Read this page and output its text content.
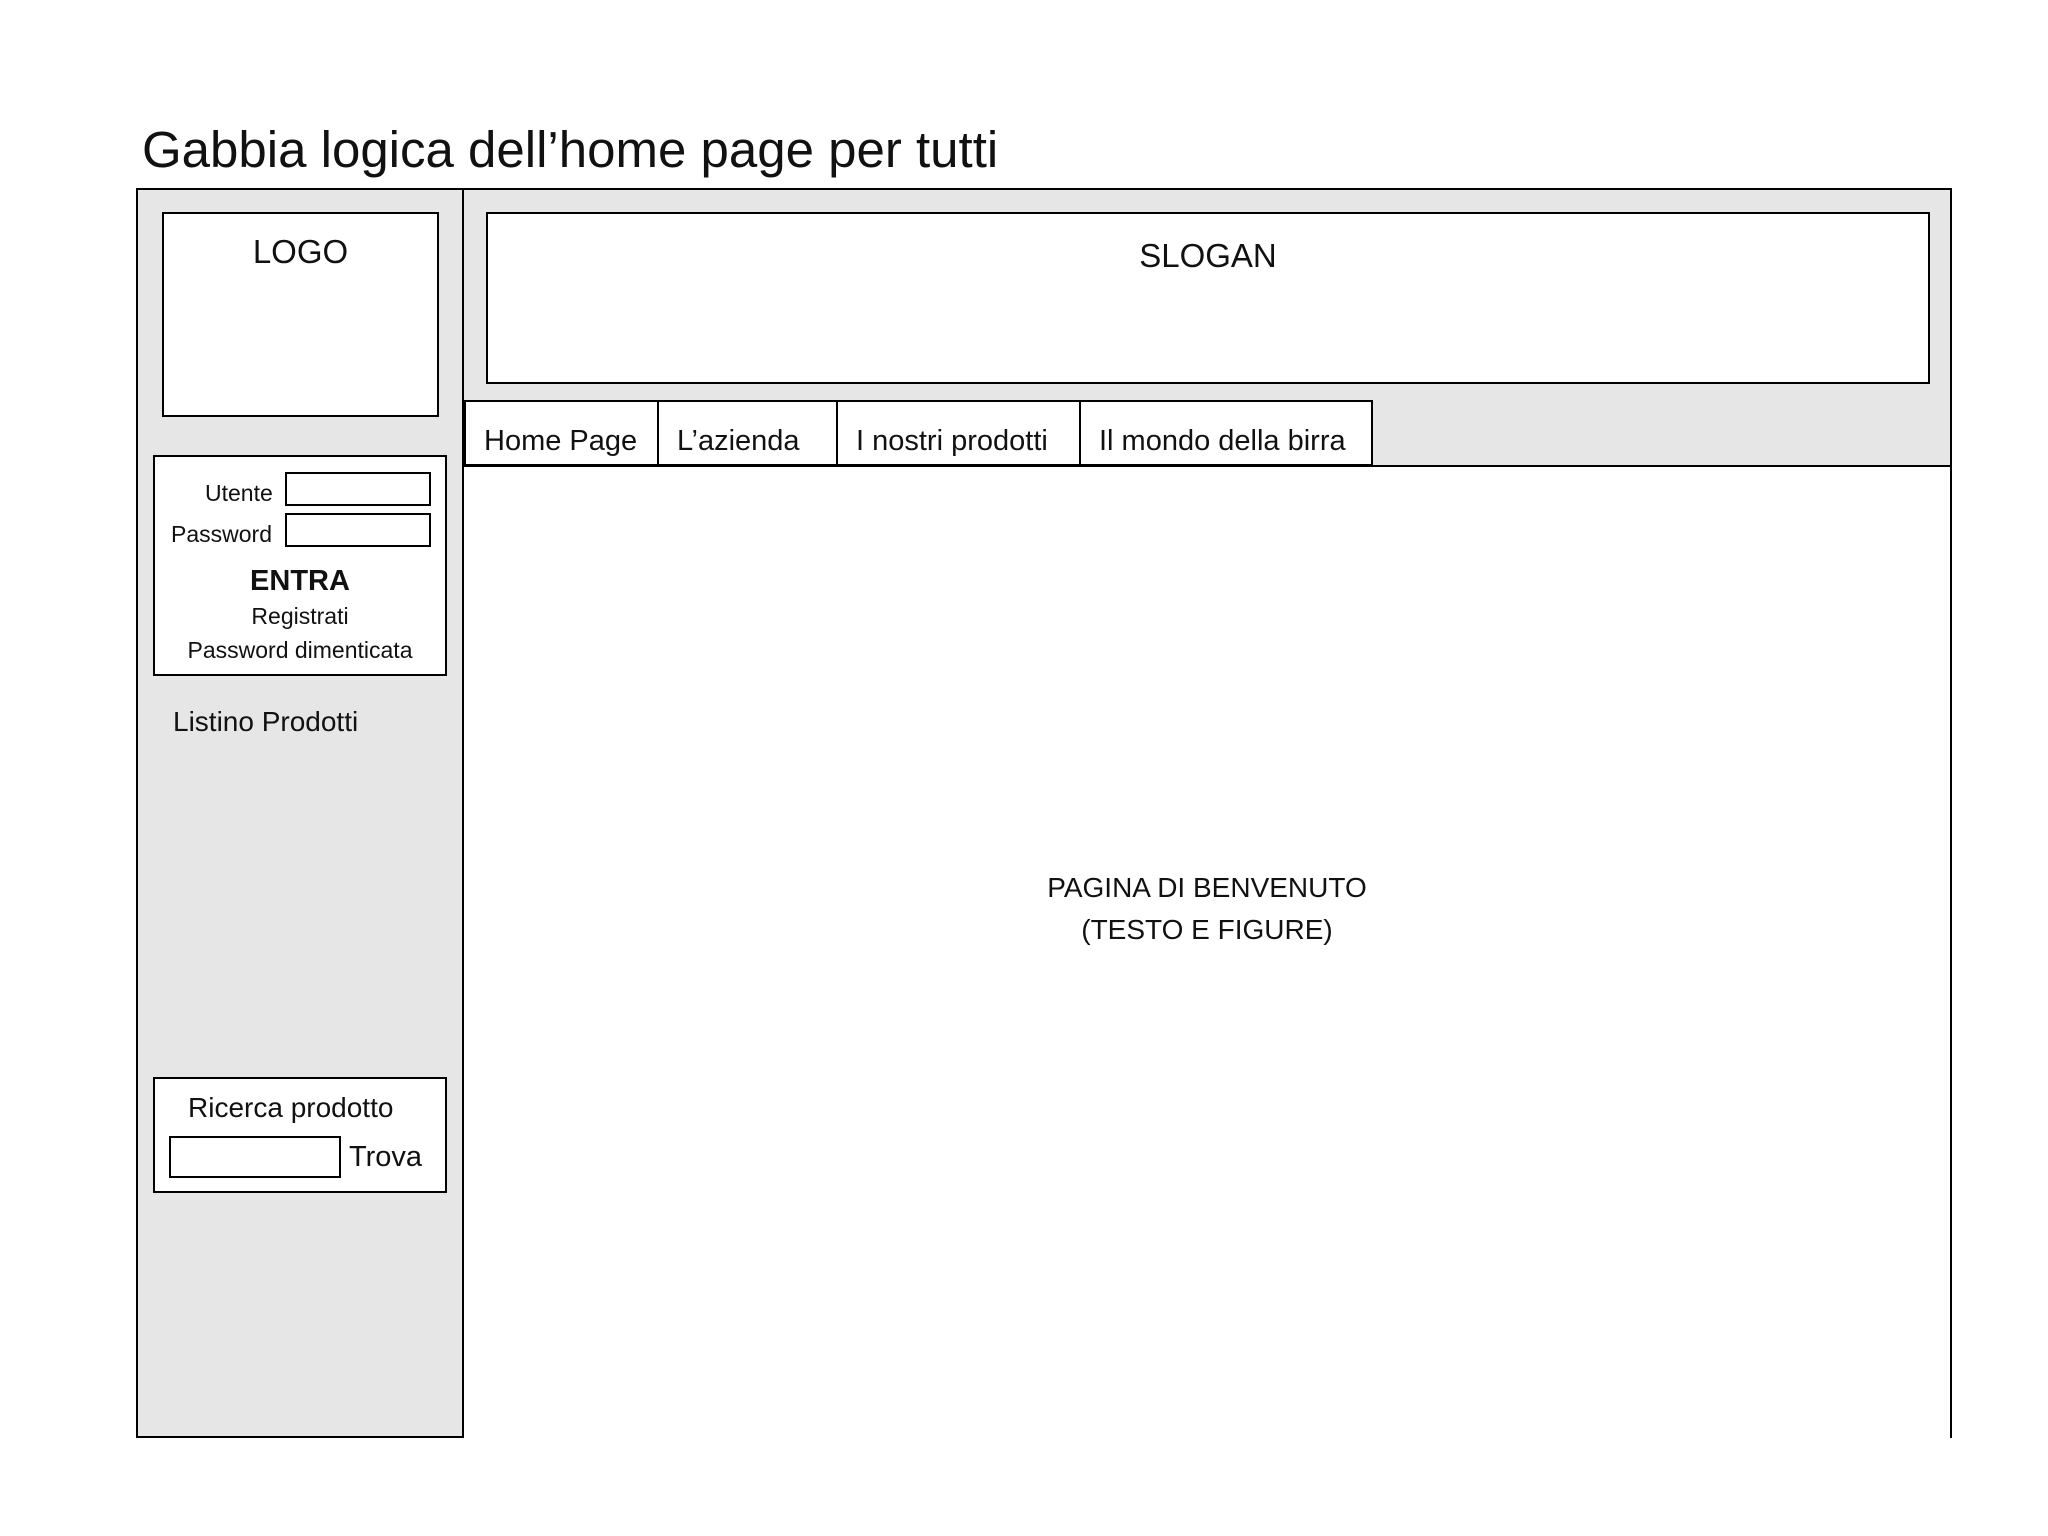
Gabbia logica dell’home page per tutti
LOGO
Utente
Password
ENTRA
Registrati
Password dimenticata
Listino Prodotti
Ricerca prodotto
Trova
SLOGAN
Home Page	L’azienda	I nostri prodotti	Il mondo della birra
PAGINA DI BENVENUTO
(TESTO E FIGURE)
